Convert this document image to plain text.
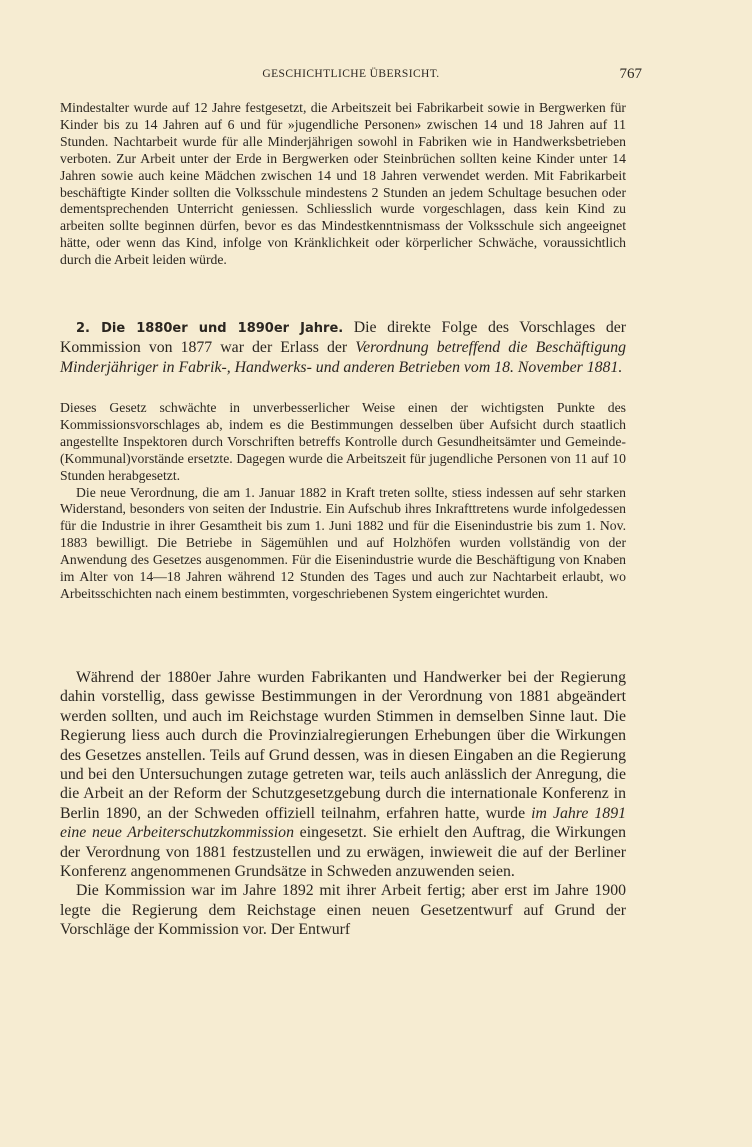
GESCHICHTLICHE ÜBERSICHT.	767

Mindestalter wurde auf 12 Jahre festgesetzt, die Arbeitszeit bei Fabrikarbeit sowie in Bergwerken für Kinder bis zu 14 Jahren auf 6 und für »jugendliche Personen» zwischen 14 und 18 Jahren auf 11 Stunden. Nachtarbeit wurde für alle Minderjährigen sowohl in Fabriken wie in Handwerksbetrieben verboten. Zur Arbeit unter der Erde in Bergwerken oder Steinbrüchen sollten keine Kinder unter 14 Jahren sowie auch keine Mädchen zwischen 14 und 18 Jahren verwendet werden. Mit Fabrikarbeit beschäftigte Kinder sollten die Volksschule mindestens 2 Stunden an jedem Schultage besuchen oder dementsprechenden Unterricht geniessen. Schliesslich wurde vorgeschlagen, dass kein Kind zu arbeiten sollte beginnen dürfen, bevor es das Mindestkenntnismass der Volksschule sich angeeignet hätte, oder wenn das Kind, infolge von Kränklichkeit oder körperlicher Schwäche, voraussichtlich durch die Arbeit leiden würde.

2. Die 1880er und 1890er Jahre. Die direkte Folge des Vorschlages der Kommission von 1877 war der Erlass der Verordnung betreffend die Beschäftigung Minderjähriger in Fabrik-, Handwerks- und anderen Betrieben vom 18. November 1881.

Dieses Gesetz schwächte in unverbesserlicher Weise einen der wichtigsten Punkte des Kommissionsvorschlages ab, indem es die Bestimmungen desselben über Aufsicht durch staatlich angestellte Inspektoren durch Vorschriften betreffs Kontrolle durch Gesundheitsämter und Gemeinde-(Kommunal)vorstände ersetzte. Dagegen wurde die Arbeitszeit für jugendliche Personen von 11 auf 10 Stunden herabgesetzt.

Die neue Verordnung, die am 1. Januar 1882 in Kraft treten sollte, stiess indessen auf sehr starken Widerstand, besonders von seiten der Industrie. Ein Aufschub ihres Inkrafttretens wurde infolgedessen für die Industrie in ihrer Gesamtheit bis zum 1. Juni 1882 und für die Eisenindustrie bis zum 1. Nov. 1883 bewilligt. Die Betriebe in Sägemühlen und auf Holzhöfen wurden vollständig von der Anwendung des Gesetzes ausgenommen. Für die Eisenindustrie wurde die Beschäftigung von Knaben im Alter von 14—18 Jahren während 12 Stunden des Tages und auch zur Nachtarbeit erlaubt, wo Arbeitsschichten nach einem bestimmten, vorgeschriebenen System eingerichtet wurden.

Während der 1880er Jahre wurden Fabrikanten und Handwerker bei der Regierung dahin vorstellig, dass gewisse Bestimmungen in der Verordnung von 1881 abgeändert werden sollten, und auch im Reichstage wurden Stimmen in demselben Sinne laut. Die Regierung liess auch durch die Provinzialregierungen Erhebungen über die Wirkungen des Gesetzes anstellen. Teils auf Grund dessen, was in diesen Eingaben an die Regierung und bei den Untersuchungen zutage getreten war, teils auch anlässlich der Anregung, die die Arbeit an der Reform der Schutzgesetzgebung durch die internationale Konferenz in Berlin 1890, an der Schweden offiziell teilnahm, erfahren hatte, wurde im Jahre 1891 eine neue Arbeiterschutzkommission eingesetzt. Sie erhielt den Auftrag, die Wirkungen der Verordnung von 1881 festzustellen und zu erwägen, inwieweit die auf der Berliner Konferenz angenommenen Grundsätze in Schweden anzuwenden seien.

Die Kommission war im Jahre 1892 mit ihrer Arbeit fertig; aber erst im Jahre 1900 legte die Regierung dem Reichstage einen neuen Gesetzentwurf auf Grund der Vorschläge der Kommission vor. Der Entwurf
